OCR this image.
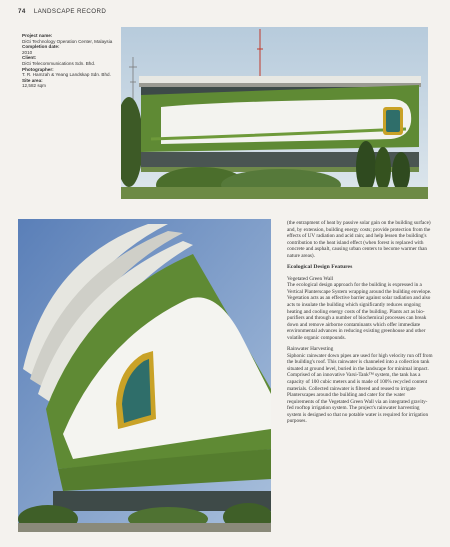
74 LANDSCAPE RECORD
Project name:
DiGi Technology Operation Center, Malaysia
Completion date:
2010
Client:
DiGi Telecommunications Sdn. Bhd.
Photographer:
T. R. Hamzah & Yeang Landskap Sdn. Bhd.
Site area:
12,582 sqm

(the entrapment of heat by passive solar gain on the building surface) and, by extension, building energy costs; provide protection from the effects of UV radiation and acid rain; and help lessen the building's contribution to the heat island effect (when forest is replaced with concrete and asphalt, causing urban centers to become warmer than nature areas).

Ecological Design Features
Vegetated Green Wall

The ecological design approach for the building is expressed in a Vertical Planterscape System wrapping around the building envelope. Vegetation acts as an effective barrier against solar radiation and also acts to insulate the building which significantly reduces ongoing heating and cooling energy costs of the building. Plants act as bio-purifiers and through a number of biochemical processes can break down and remove airborne contaminants which offer immediate environmental advances in reducing existing greenhouse and other volatile organic compounds.

Rainwater Harvesting

Siphonic rainwater down pipes are used for high velocity run off from the building's roof. This rainwater is channeled into a collection tank situated at ground level, buried in the landscape for minimal impact. Comprised of an innovative Varsi-Tank™ system, the tank has a capacity of 100 cubic meters and is made of 100% recycled content materials. Collected rainwater is filtered and reused to irrigate Planterscapes around the building and cater for the water requirements of the Vegetated Green Wall via an integrated gravity-fed rooftop irrigation system. The project's rainwater harvesting system is designed so that no potable water is required for irrigation purposes.
